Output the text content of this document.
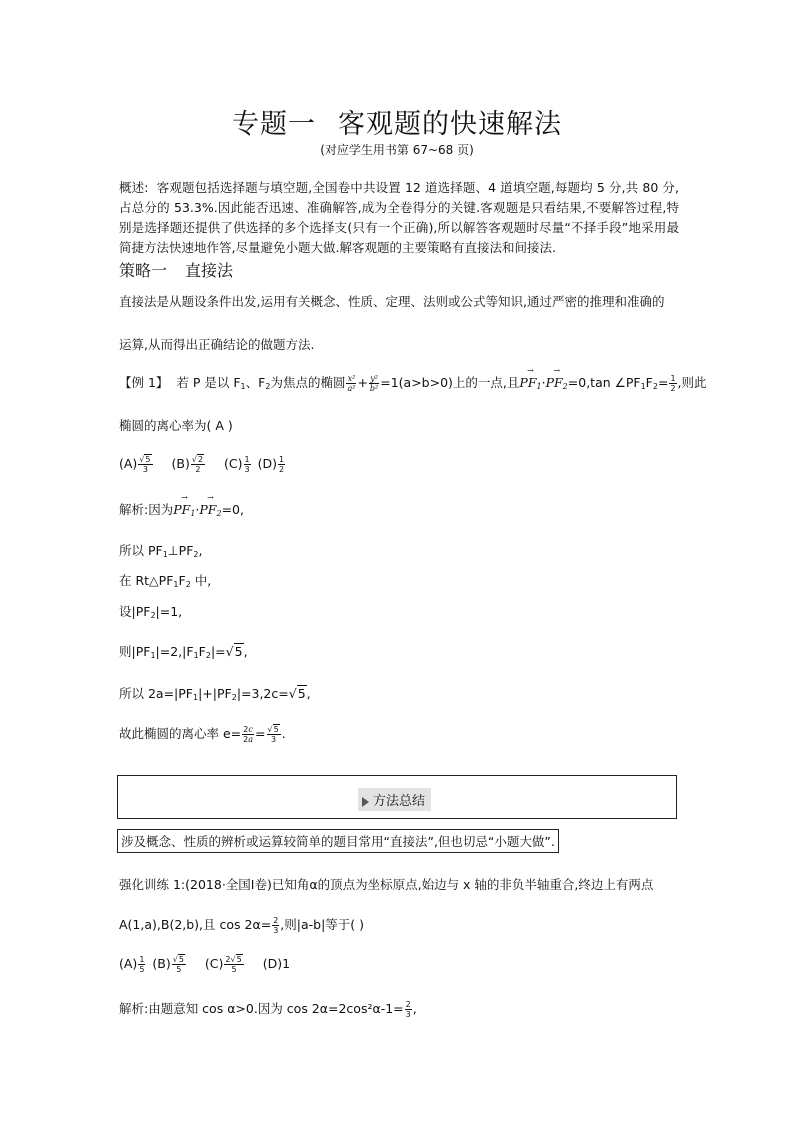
专题一 客观题的快速解法
(对应学生用书第 67~68 页)
概述: 客观题包括选择题与填空题,全国卷中共设置 12 道选择题、4 道填空题,每题均 5 分,共 80 分,占总分的 53.3%.因此能否迅速、准确解答,成为全卷得分的关键.客观题是只看结果,不要解答过程,特别是选择题还提供了供选择的多个选择支(只有一个正确),所以解答客观题时尽量“不择手段”地采用最简捷方法快速地作答,尽量避免小题大做.解客观题的主要策略有直接法和间接法.
策略一 直接法
直接法是从题设条件出发,运用有关概念、性质、定理、法则或公式等知识,通过严密的推理和准确的
运算,从而得出正确结论的做题方法.
【例 1】 若 P 是以 $F_1$、$F_2$为焦点的椭圆 $\frac{\text{x²}}{\text{a²}} + \frac{\text{y²}}{\text{b²}} =1(a>b>0)$上的一点,且→ $PF_1\cdot\to PF_2=0,\tan$ $\angle PF_1F_2= \frac{1}{2}$ ,则此
椭圆的离心率为( A )
$(A) \frac{√5}{3} (B) \frac{√2}{2} (C) \frac{1}{3} (D) \frac{1}{2}$
解析:因为→ $PF_1\cdot\to PF_2=0$,
所以 $PF_1\perp PF_2$,
在 $Rt\triangle PF_1F_2$ 中,
设$|PF_2|=1$,
则$|PF_1|=2,|F_1F_2|=√5$,
所以 $2a=|PF_1|+|PF_2|=3,2c=√5$,
故此椭圆的离心率 $e= \frac{2c}{2a} = \frac{√5}{3}$ .
方法总结
涉及概念、性质的辨析或运算较简单的题目常用“直接法”,但也切忌“小题大做”.
强化训练 1:(2018·全国Ⅰ卷)已知角α的顶点为坐标原点,始边与 x 轴的非负半轴重合,终边上有两点
A(1,a),B(2,b),且 $\cos 2\alpha= \frac{2}{3}$ ,则|a-b|等于( )
$(A) \frac{1}{5} (B) \frac{√5}{5} (C) \frac{2√5}{5} (D)1$
解析:由题意知 cos α>0.因为 $\cos 2\alpha=2\cos^2\alpha-1= \frac{2}{3}$ ,
